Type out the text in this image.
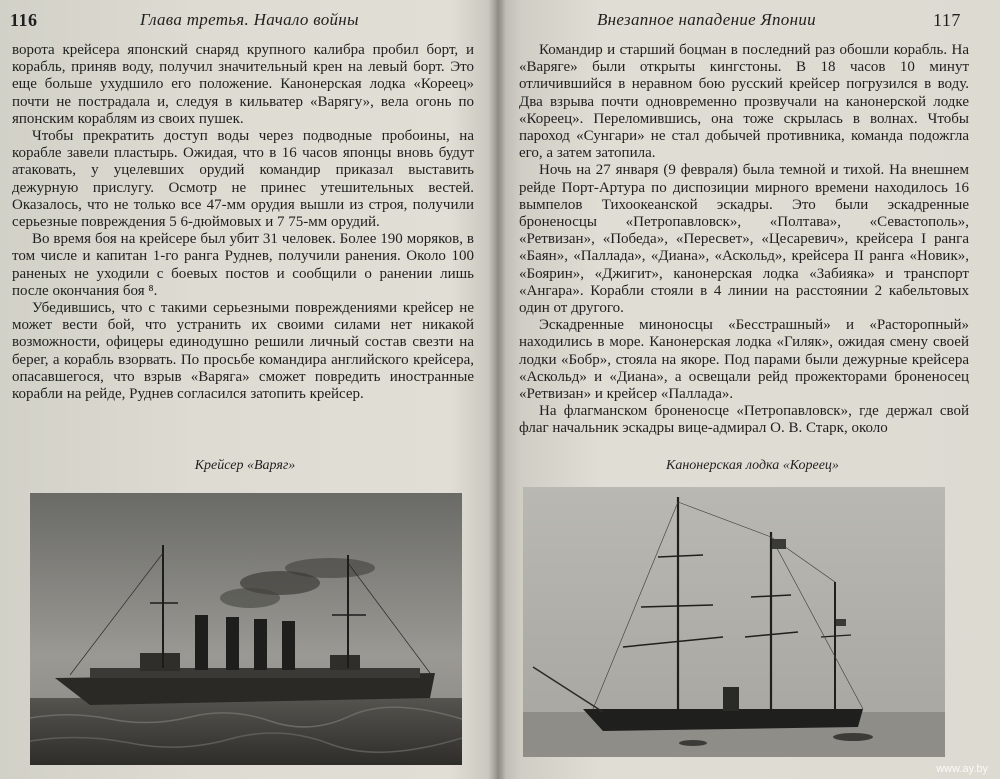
116	Глава третья. Начало войны

ворота крейсера японский снаряд крупного калибра пробил борт, и корабль, приняв воду, получил значительный крен на левый борт. Это еще больше ухудшило его положение. Канонерская лодка «Кореец» почти не пострадала и, следуя в кильватер «Варягу», вела огонь по японским кораблям из своих пушек.

Чтобы прекратить доступ воды через подводные пробоины, на корабле завели пластырь. Ожидая, что в 16 часов японцы вновь будут атаковать, у уцелевших орудий командир приказал выставить дежурную прислугу. Осмотр не принес утешительных вестей. Оказалось, что не только все 47-мм орудия вышли из строя, получили серьезные повреждения 5 6-дюймовых и 7 75-мм орудий.

Во время боя на крейсере был убит 31 человек. Более 190 моряков, в том числе и капитан 1-го ранга Руднев, получили ранения. Около 100 раненых не уходили с боевых постов и сообщили о ранении лишь после окончания боя ⁸.

Убедившись, что с такими серьезными повреждениями крейсер не может вести бой, что устранить их своими силами нет никакой возможности, офицеры единодушно решили личный состав свезти на берег, а корабль взорвать. По просьбе командира английского крейсера, опасавшегося, что взрыв «Варяга» сможет повредить иностранные корабли на рейде, Руднев согласился затопить крейсер.

Крейсер «Варяг»
Внезапное нападение Японии	117

Командир и старший боцман в последний раз обошли корабль. На «Варяге» были открыты кингстоны. В 18 часов 10 минут отличившийся в неравном бою русский крейсер погрузился в воду. Два взрыва почти одновременно прозвучали на канонерской лодке «Кореец». Переломившись, она тоже скрылась в волнах. Чтобы пароход «Сунгари» не стал добычей противника, команда подожгла его, а затем затопила.

Ночь на 27 января (9 февраля) была темной и тихой. На внешнем рейде Порт-Артура по диспозиции мирного времени находилось 16 вымпелов Тихоокеанской эскадры. Это были эскадренные броненосцы «Петропавловск», «Полтава», «Севастополь», «Ретвизан», «Победа», «Пересвет», «Цесаревич», крейсера I ранга «Баян», «Паллада», «Диана», «Аскольд», крейсера II ранга «Новик», «Боярин», «Джигит», канонерская лодка «Забияка» и транспорт «Ангара». Корабли стояли в 4 линии на расстоянии 2 кабельтовых один от другого.

Эскадренные миноносцы «Бесстрашный» и «Расторопный» находились в море. Канонерская лодка «Гиляк», ожидая смену своей лодки «Бобр», стояла на якоре. Под парами были дежурные крейсера «Аскольд» и «Диана», а освещали рейд прожекторами броненосец «Ретвизан» и крейсер «Паллада».

На флагманском броненосце «Петропавловск», где держал свой флаг начальник эскадры вице-адмирал О. В. Старк, около

Канонерская лодка «Кореец»
www.ay.by
